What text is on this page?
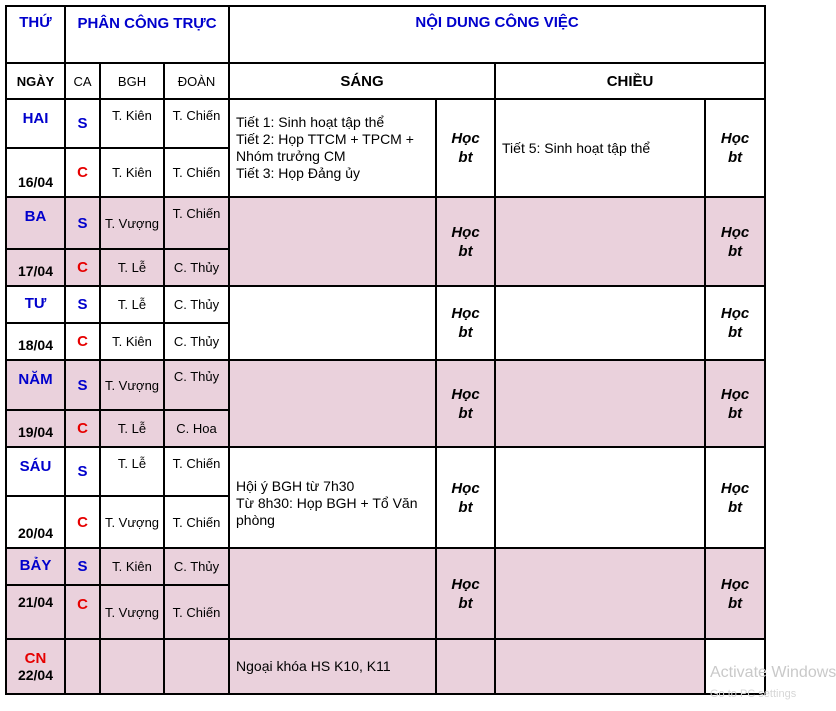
THỨ	PHÂN CÔNG TRỰC			NỘI DUNG CÔNG VIỆC			
NGÀY	CA	BGH	ĐOÀN	SÁNG		CHIỀU	
HAI	S	T. Kiên	T. Chiến	Tiết 1: Sinh hoạt tập thể
Tiết 2: Họp TTCM + TPCM + Nhóm trưởng CM
Tiết 3: Họp Đảng ủy	Học bt	Tiết 5: Sinh hoạt tập thể	Học bt

16/04	C	T. Kiên	T. Chiến				
BA	S	T. Vượng	T. Chiến		Học bt		Học bt

17/04	C	T. Lễ	C. Thủy				
TƯ	S	T. Lễ	C. Thủy		Học bt		Học bt

18/04	C	T. Kiên	C. Thủy				
NĂM	S	T. Vượng	C. Thủy		Học bt		Học bt

19/04	C	T. Lễ	C. Hoa				
SÁU	S	T. Lễ	T. Chiến	Hội ý BGH từ 7h30
Từ 8h30: Họp BGH + Tổ Văn phòng	Học bt		Học bt

20/04	C	T. Vượng	T. Chiến				
BẢY	S	T. Kiên	C. Thủy		Học bt		Học bt

21/04	C	T. Vượng	T. Chiến				

CN
22/04				Ngoại khóa HS K10, K11			
				Activate Windows
Go to PC settings
